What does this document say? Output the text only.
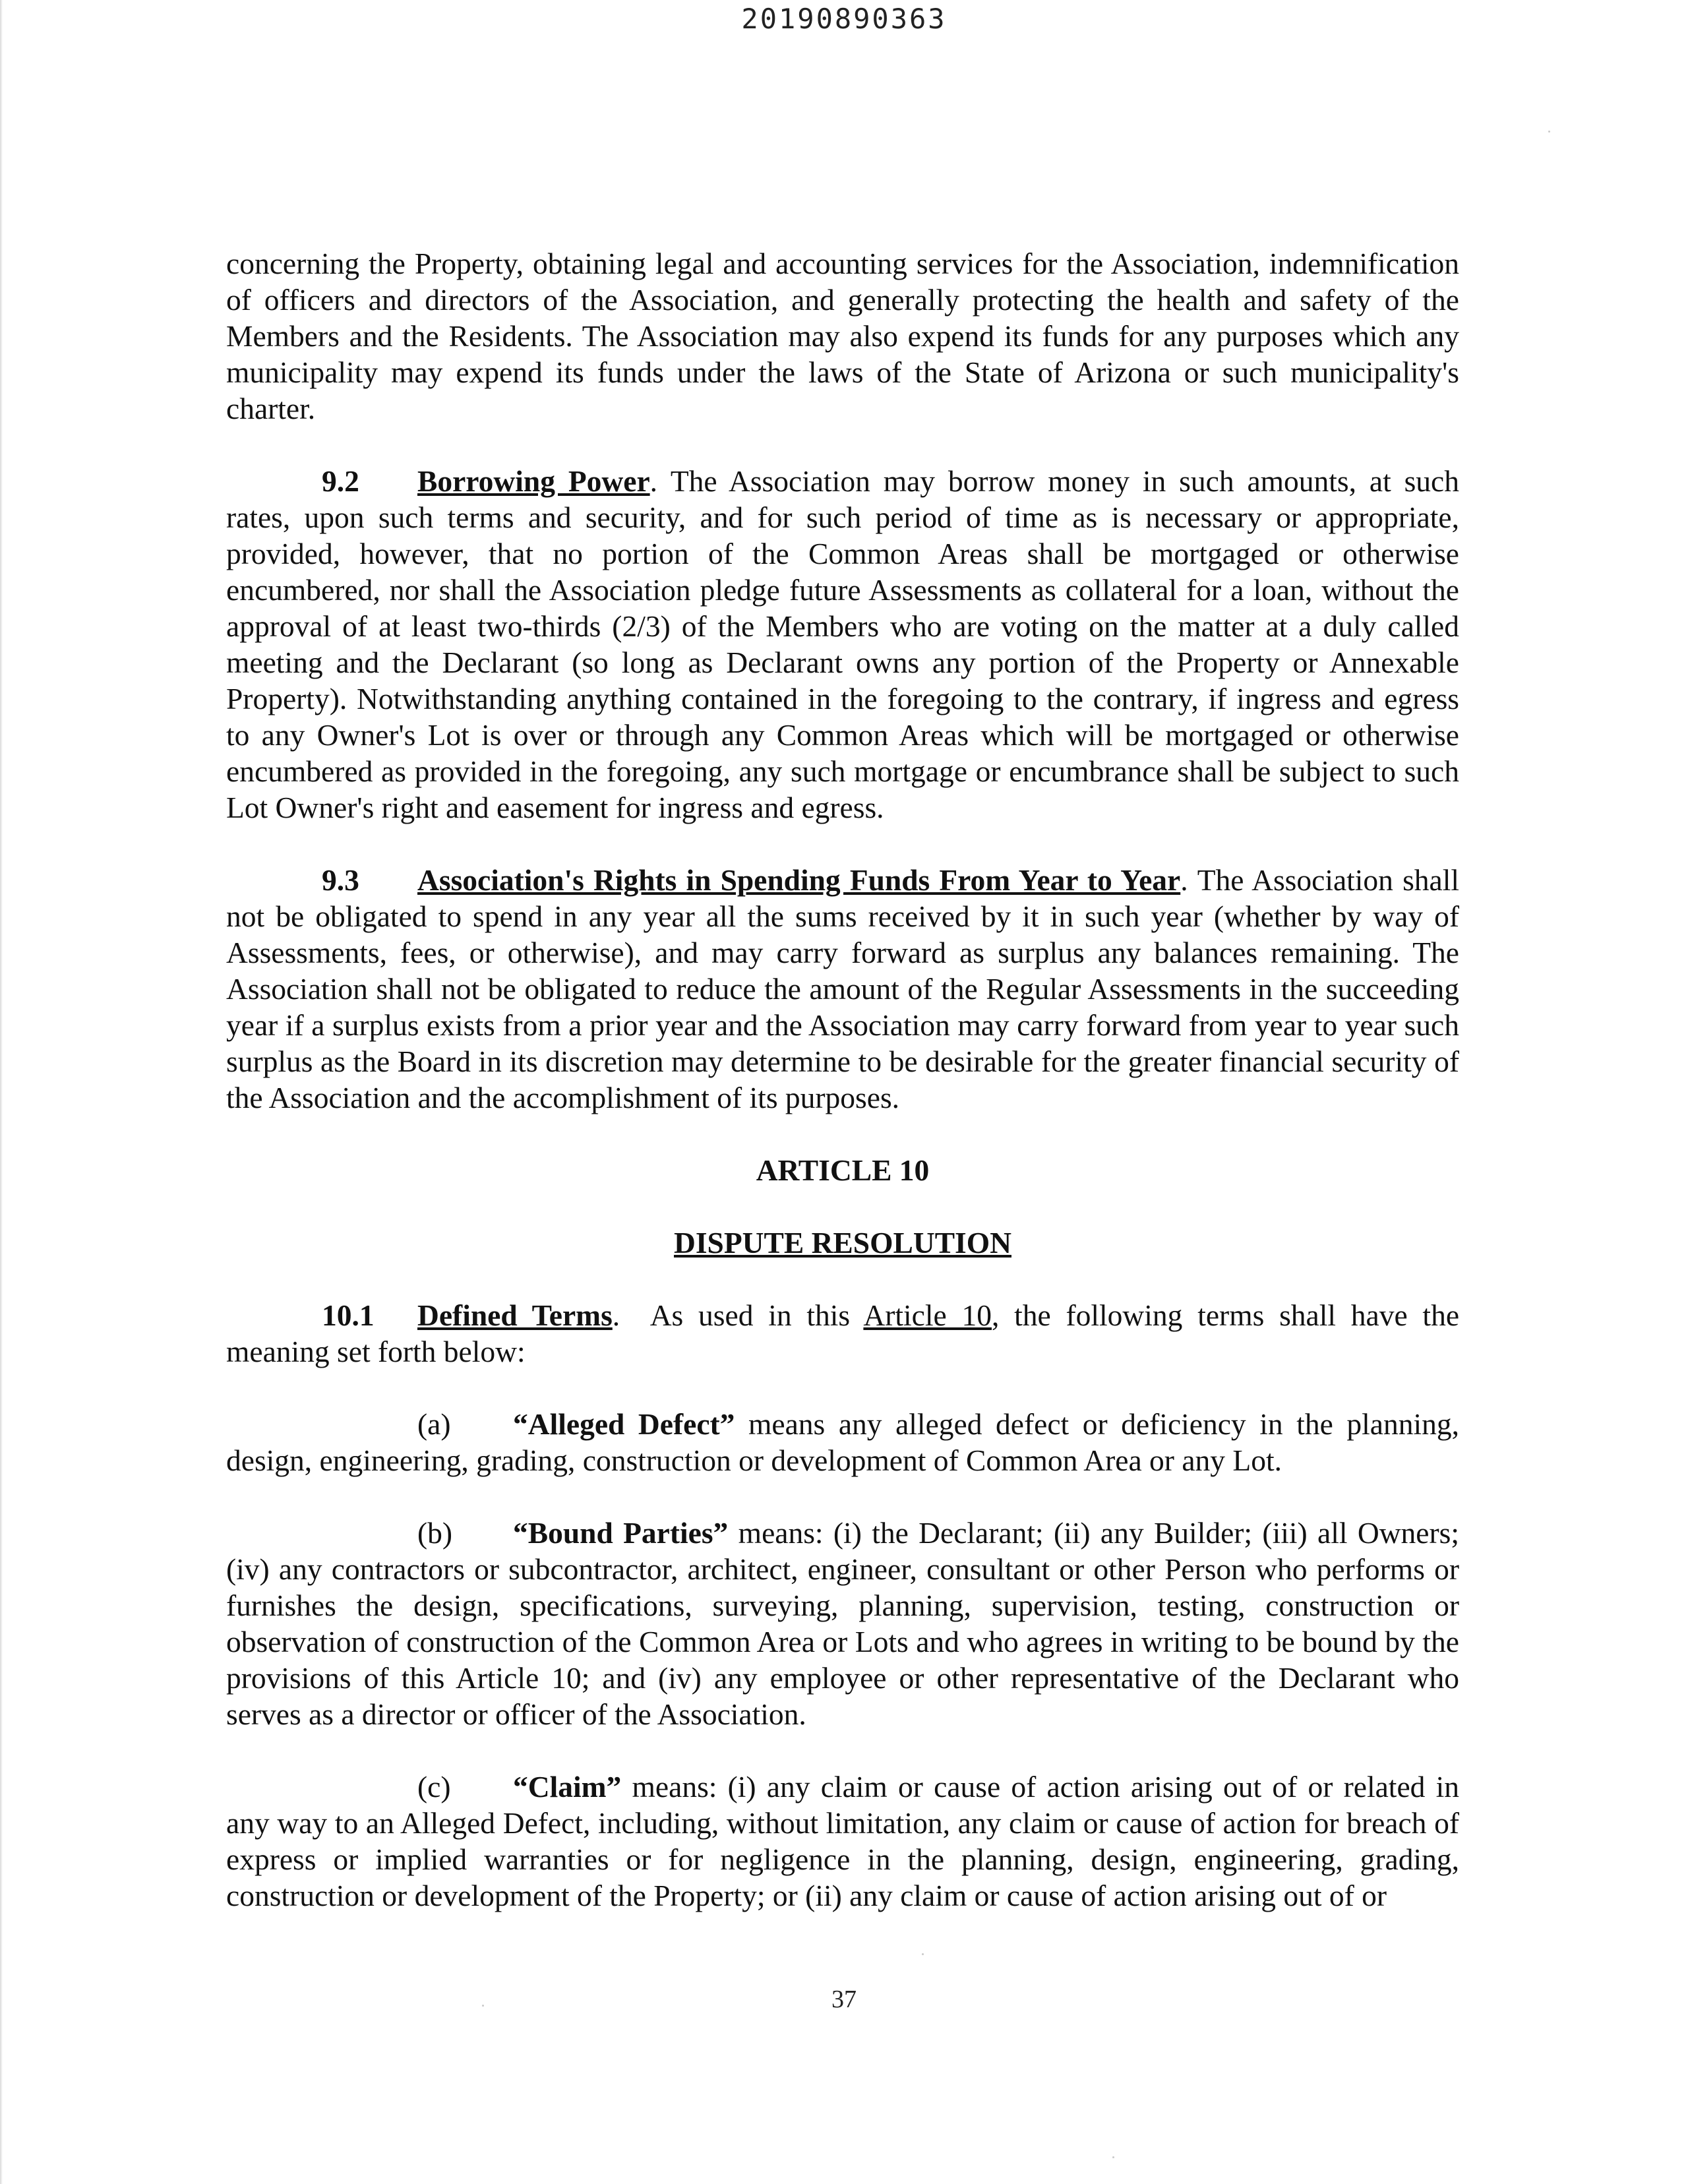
20190890363

concerning the Property, obtaining legal and accounting services for the Association, indemnification of officers and directors of the Association, and generally protecting the health and safety of the Members and the Residents. The Association may also expend its funds for any purposes which any municipality may expend its funds under the laws of the State of Arizona or such municipality's charter.

9.2 Borrowing Power. The Association may borrow money in such amounts, at such rates, upon such terms and security, and for such period of time as is necessary or appropriate, provided, however, that no portion of the Common Areas shall be mortgaged or otherwise encumbered, nor shall the Association pledge future Assessments as collateral for a loan, without the approval of at least two-thirds (2/3) of the Members who are voting on the matter at a duly called meeting and the Declarant (so long as Declarant owns any portion of the Property or Annexable Property). Notwithstanding anything contained in the foregoing to the contrary, if ingress and egress to any Owner's Lot is over or through any Common Areas which will be mortgaged or otherwise encumbered as provided in the foregoing, any such mortgage or encumbrance shall be subject to such Lot Owner's right and easement for ingress and egress.

9.3 Association's Rights in Spending Funds From Year to Year. The Association shall not be obligated to spend in any year all the sums received by it in such year (whether by way of Assessments, fees, or otherwise), and may carry forward as surplus any balances remaining. The Association shall not be obligated to reduce the amount of the Regular Assessments in the succeeding year if a surplus exists from a prior year and the Association may carry forward from year to year such surplus as the Board in its discretion may determine to be desirable for the greater financial security of the Association and the accomplishment of its purposes.

ARTICLE 10
DISPUTE RESOLUTION

10.1 Defined Terms.  As used in this Article 10, the following terms shall have the meaning set forth below:

(a) “Alleged Defect” means any alleged defect or deficiency in the planning, design, engineering, grading, construction or development of Common Area or any Lot.

(b) “Bound Parties” means: (i) the Declarant; (ii) any Builder; (iii) all Owners; (iv) any contractors or subcontractor, architect, engineer, consultant or other Person who performs or furnishes the design, specifications, surveying, planning, supervision, testing, construction or observation of construction of the Common Area or Lots and who agrees in writing to be bound by the provisions of this Article 10; and (iv) any employee or other representative of the Declarant who serves as a director or officer of the Association.

(c) “Claim” means: (i) any claim or cause of action arising out of or related in any way to an Alleged Defect, including, without limitation, any claim or cause of action for breach of express or implied warranties or for negligence in the planning, design, engineering, grading, construction or development of the Property; or (ii) any claim or cause of action arising out of or

37
